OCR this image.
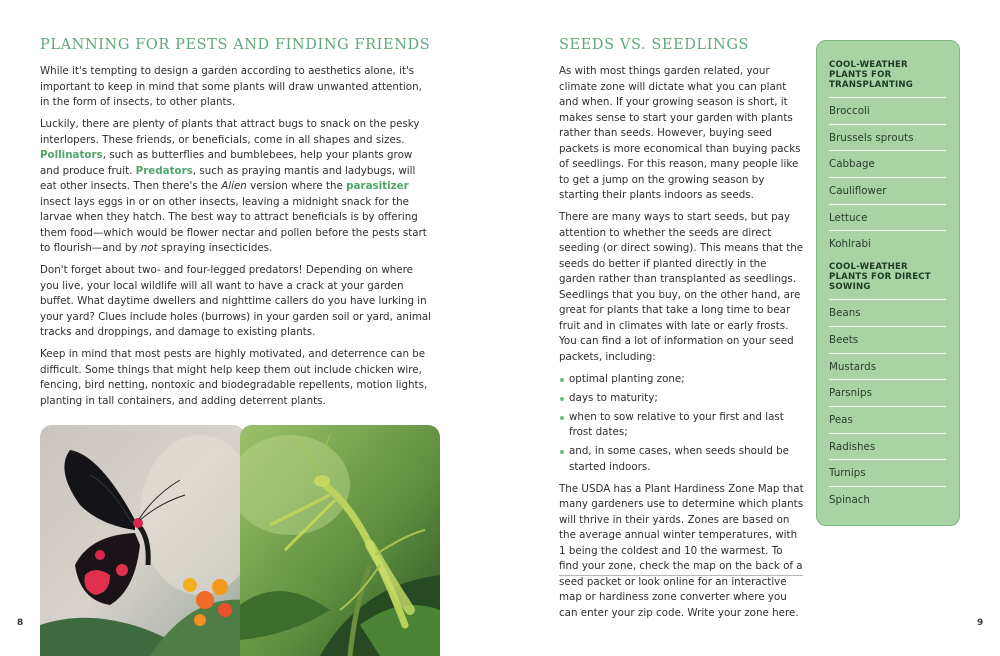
PLANNING FOR PESTS AND FINDING FRIENDS

While it's tempting to design a garden according to aesthetics alone, it's important to keep in mind that some plants will draw unwanted attention, in the form of insects, to other plants.

Luckily, there are plenty of plants that attract bugs to snack on the pesky interlopers. These friends, or beneficials, come in all shapes and sizes. Pollinators, such as butterflies and bumblebees, help your plants grow and produce fruit. Predators, such as praying mantis and ladybugs, will eat other insects. Then there's the Alien version where the parasitizer insect lays eggs in or on other insects, leaving a midnight snack for the larvae when they hatch. The best way to attract beneficials is by offering them food—which would be flower nectar and pollen before the pests start to flourish—and by not spraying insecticides.

Don't forget about two- and four-legged predators! Depending on where you live, your local wildlife will all want to have a crack at your garden buffet. What daytime dwellers and nighttime callers do you have lurking in your yard? Clues include holes (burrows) in your garden soil or yard, animal tracks and droppings, and damage to existing plants.

Keep in mind that most pests are highly motivated, and deterrence can be difficult. Some things that might help keep them out include chicken wire, fencing, bird netting, nontoxic and biodegradable repellents, motion lights, planting in tall containers, and adding deterrent plants.

8
SEEDS VS. SEEDLINGS

As with most things garden related, your climate zone will dictate what you can plant and when. If your growing season is short, it makes sense to start your garden with plants rather than seeds. However, buying seed packets is more economical than buying packs of seedlings. For this reason, many people like to get a jump on the growing season by starting their plants indoors as seeds.

There are many ways to start seeds, but pay attention to whether the seeds are direct seeding (or direct sowing). This means that the seeds do better if planted directly in the garden rather than transplanted as seedlings. Seedlings that you buy, on the other hand, are great for plants that take a long time to bear fruit and in climates with late or early frosts. You can find a lot of information on your seed packets, including:

optimal planting zone;
days to maturity;
when to sow relative to your first and last frost dates;
and, in some cases, when seeds should be started indoors.

The USDA has a Plant Hardiness Zone Map that many gardeners use to determine which plants will thrive in their yards. Zones are based on the average annual winter temperatures, with 1 being the coldest and 10 the warmest. To find your zone, check the map on the back of a seed packet or look online for an interactive map or hardiness zone converter where you can enter your zip code. Write your zone here.

COOL-WEATHER PLANTS FOR TRANSPLANTING
Broccoli
Brussels sprouts
Cabbage
Cauliflower
Lettuce
Kohlrabi
COOL-WEATHER PLANTS FOR DIRECT SOWING
Beans
Beets
Mustards
Parsnips
Peas
Radishes
Turnips
Spinach
9
